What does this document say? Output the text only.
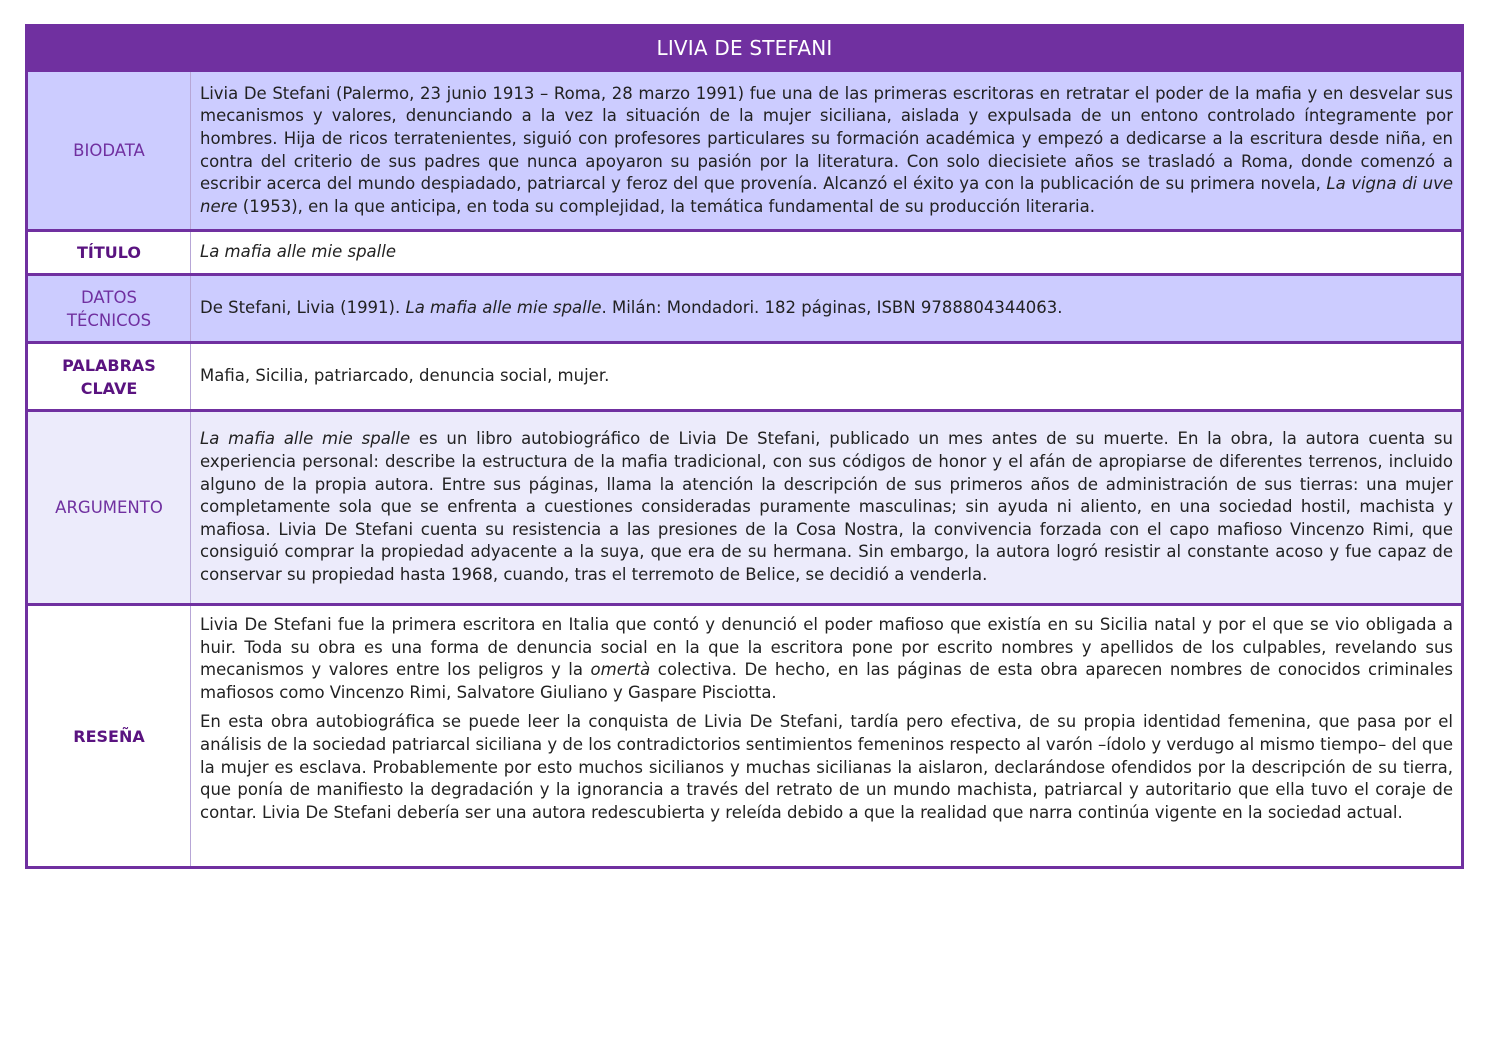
LIVIA DE STEFANI
BIODATA

Livia De Stefani (Palermo, 23 junio 1913 – Roma, 28 marzo 1991) fue una de las primeras escritoras en retratar el poder de la mafia y en desvelar sus mecanismos y valores, denunciando a la vez la situación de la mujer siciliana, aislada y expulsada de un entono controlado íntegramente por hombres. Hija de ricos terratenientes, siguió con profesores particulares su formación académica y empezó a dedicarse a la escritura desde niña, en contra del criterio de sus padres que nunca apoyaron su pasión por la literatura. Con solo diecisiete años se trasladó a Roma, donde comenzó a escribir acerca del mundo despiadado, patriarcal y feroz del que provenía. Alcanzó el éxito ya con la publicación de su primera novela, La vigna di uve nere (1953), en la que anticipa, en toda su complejidad, la temática fundamental de su producción literaria.

TÍTULO	La mafia alle mie spalle

DATOS
TÉCNICOS

De Stefani, Livia (1991). La mafia alle mie spalle. Milán: Mondadori. 182 páginas, ISBN 9788804344063.

PALABRAS
CLAVE

Mafia, Sicilia, patriarcado, denuncia social, mujer.

ARGUMENTO

La mafia alle mie spalle es un libro autobiográfico de Livia De Stefani, publicado un mes antes de su muerte. En la obra, la autora cuenta su experiencia personal: describe la estructura de la mafia tradicional, con sus códigos de honor y el afán de apropiarse de diferentes terrenos, incluido alguno de la propia autora. Entre sus páginas, llama la atención la descripción de sus primeros años de administración de sus tierras: una mujer completamente sola que se enfrenta a cuestiones consideradas puramente masculinas; sin ayuda ni aliento, en una sociedad hostil, machista y mafiosa. Livia De Stefani cuenta su resistencia a las presiones de la Cosa Nostra, la convivencia forzada con el capo mafioso Vincenzo Rimi, que consiguió comprar la propiedad adyacente a la suya, que era de su hermana. Sin embargo, la autora logró resistir al constante acoso y fue capaz de conservar su propiedad hasta 1968, cuando, tras el terremoto de Belice, se decidió a venderla.

RESEÑA

Livia De Stefani fue la primera escritora en Italia que contó y denunció el poder mafioso que existía en su Sicilia natal y por el que se vio obligada a huir. Toda su obra es una forma de denuncia social en la que la escritora pone por escrito nombres y apellidos de los culpables, revelando sus mecanismos y valores entre los peligros y la omertà colectiva. De hecho, en las páginas de esta obra aparecen nombres de conocidos criminales mafiosos como Vincenzo Rimi, Salvatore Giuliano y Gaspare Pisciotta.

En esta obra autobiográfica se puede leer la conquista de Livia De Stefani, tardía pero efectiva, de su propia identidad femenina, que pasa por el análisis de la sociedad patriarcal siciliana y de los contradictorios sentimientos femeninos respecto al varón –ídolo y verdugo al mismo tiempo– del que la mujer es esclava. Probablemente por esto muchos sicilianos y muchas sicilianas la aislaron, declarándose ofendidos por la descripción de su tierra, que ponía de manifiesto la degradación y la ignorancia a través del retrato de un mundo machista, patriarcal y autoritario que ella tuvo el coraje de contar. Livia De Stefani debería ser una autora redescubierta y releída debido a que la realidad que narra continúa vigente en la sociedad actual.
